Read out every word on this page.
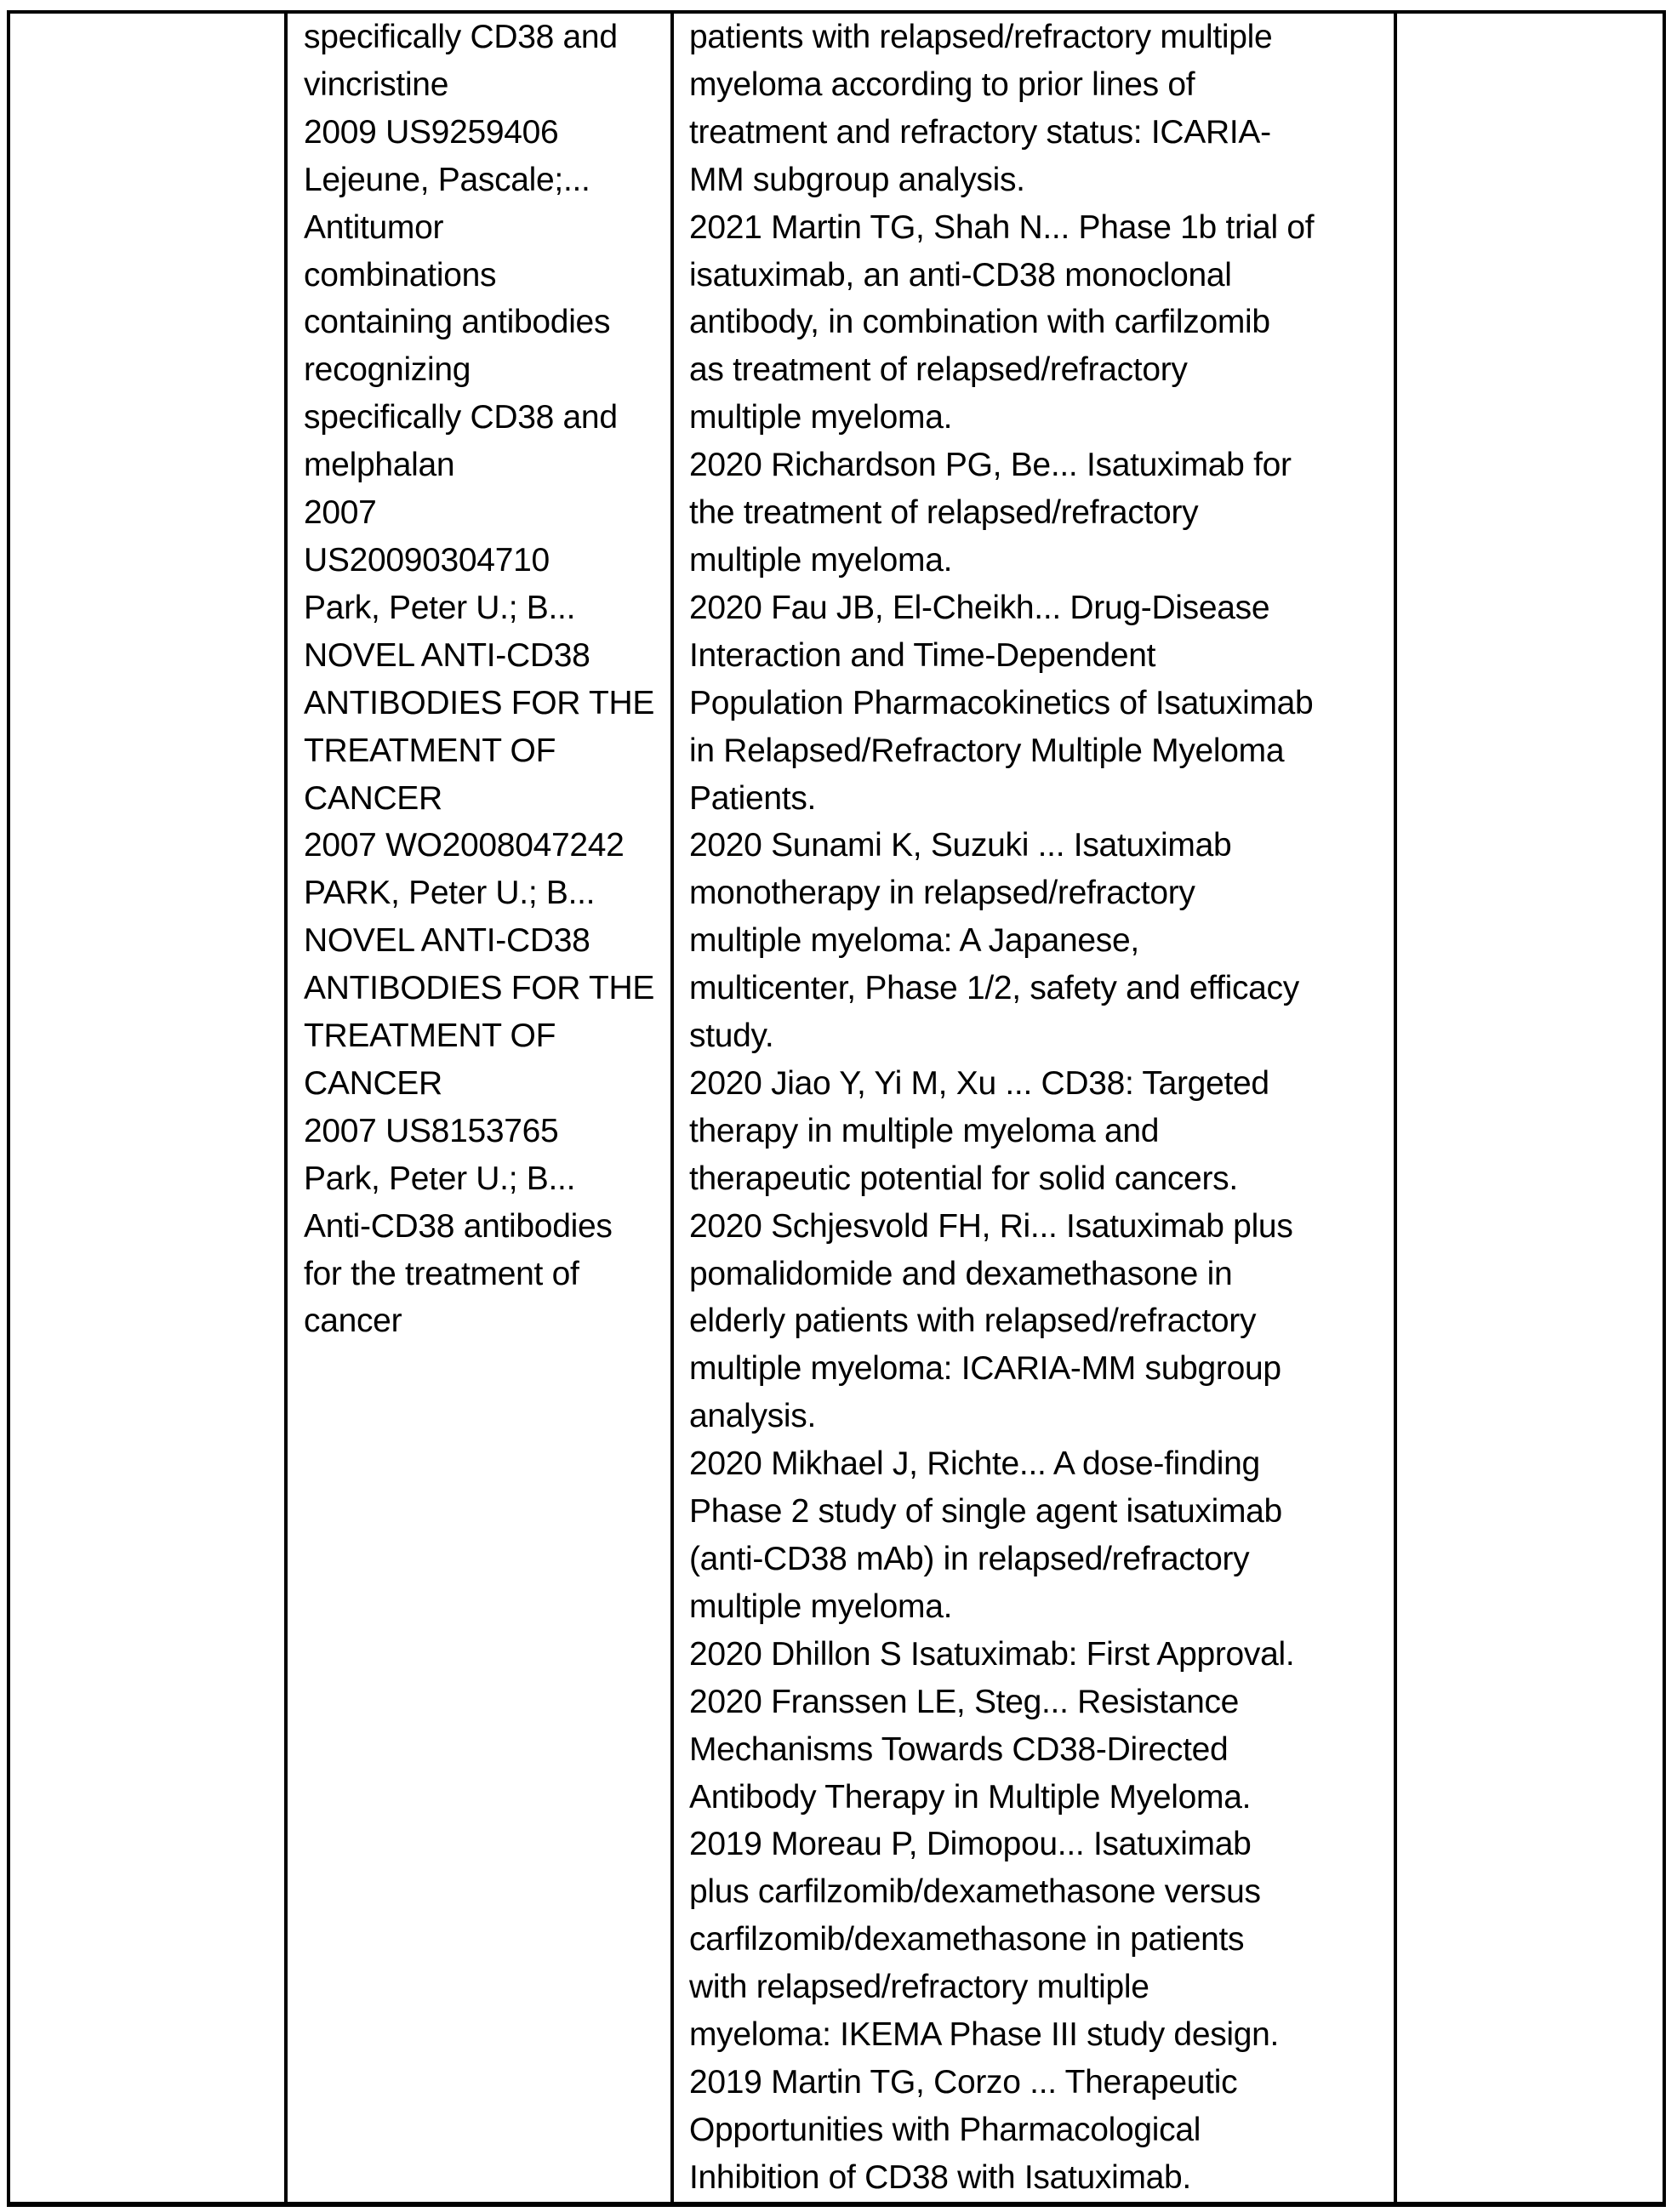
specifically CD38 and
vincristine
2009 US9259406
Lejeune, Pascale;...
Antitumor
combinations
containing antibodies
recognizing
specifically CD38 and
melphalan
2007
US20090304710
Park, Peter U.; B...
NOVEL ANTI-CD38
ANTIBODIES FOR THE
TREATMENT OF
CANCER
2007 WO2008047242
PARK, Peter U.; B...
NOVEL ANTI-CD38
ANTIBODIES FOR THE
TREATMENT OF
CANCER
2007 US8153765
Park, Peter U.; B...
Anti-CD38 antibodies
for the treatment of
cancer
patients with relapsed/refractory multiple
myeloma according to prior lines of
treatment and refractory status: ICARIA-
MM subgroup analysis.
2021 Martin TG, Shah N... Phase 1b trial of
isatuximab, an anti-CD38 monoclonal
antibody, in combination with carfilzomib
as treatment of relapsed/refractory
multiple myeloma.
2020 Richardson PG, Be... Isatuximab for
the treatment of relapsed/refractory
multiple myeloma.
2020 Fau JB, El-Cheikh... Drug-Disease
Interaction and Time-Dependent
Population Pharmacokinetics of Isatuximab
in Relapsed/Refractory Multiple Myeloma
Patients.
2020 Sunami K, Suzuki ... Isatuximab
monotherapy in relapsed/refractory
multiple myeloma: A Japanese,
multicenter, Phase 1/2, safety and efficacy
study.
2020 Jiao Y, Yi M, Xu ... CD38: Targeted
therapy in multiple myeloma and
therapeutic potential for solid cancers.
2020 Schjesvold FH, Ri... Isatuximab plus
pomalidomide and dexamethasone in
elderly patients with relapsed/refractory
multiple myeloma: ICARIA-MM subgroup
analysis.
2020 Mikhael J, Richte... A dose-finding
Phase 2 study of single agent isatuximab
(anti-CD38 mAb) in relapsed/refractory
multiple myeloma.
2020 Dhillon S Isatuximab: First Approval.
2020 Franssen LE, Steg... Resistance
Mechanisms Towards CD38-Directed
Antibody Therapy in Multiple Myeloma.
2019 Moreau P, Dimopou... Isatuximab
plus carfilzomib/dexamethasone versus
carfilzomib/dexamethasone in patients
with relapsed/refractory multiple
myeloma: IKEMA Phase III study design.
2019 Martin TG, Corzo ... Therapeutic
Opportunities with Pharmacological
Inhibition of CD38 with Isatuximab.
